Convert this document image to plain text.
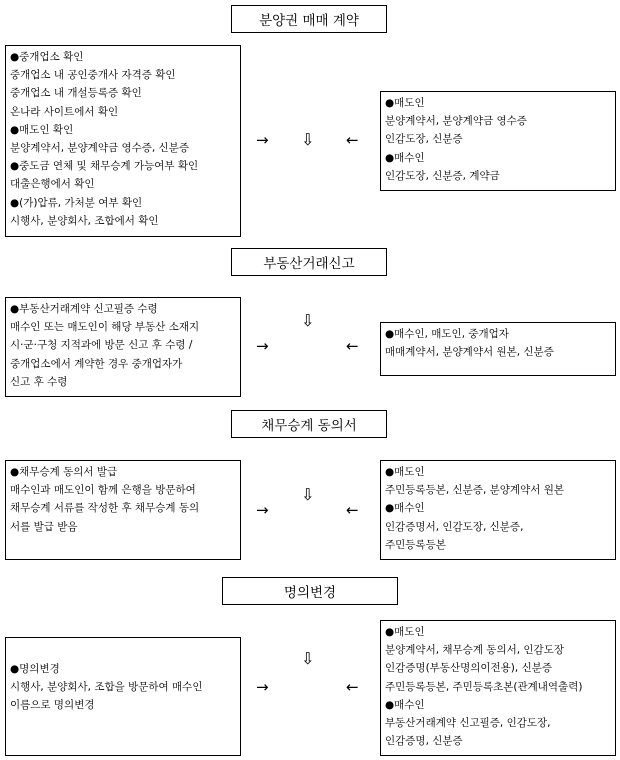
분양권 매매 계약
●중개업소 확인
중개업소 내 공인중개사 자격증 확인
중개업소 내 개설등록증 확인
온나라 사이트에서 확인
●매도인 확인
분양계약서, 분양계약금 영수증, 신분증
●중도금 연체 및 채무승계 가능여부 확인
대출은행에서 확인
●(가)압류, 가처분 여부 확인
시행사, 분양회사, 조합에서 확인
●매도인
분양계약서, 분양계약금 영수증
인감도장, 신분증
●매수인
인감도장, 신분증, 계약금
→ ⇩ ←
부동산거래신고
●부동산거래계약 신고필증 수령
매수인 또는 매도인이 해당 부동산 소재지
시·군·구청 지적과에 방문 신고 후 수령 /
중개업소에서 계약한 경우 중개업자가
신고 후 수령
●매수인, 매도인, 중개업자
매매계약서, 분양계약서 원본, 신분증
⇩
→	←
채무승계 동의서
●채무승계 동의서 발급
매수인과 매도인이 함께 은행을 방문하여
채무승계 서류를 작성한 후 채무승계 동의
서를 발급 받음
●매도인
주민등록등본, 신분증, 분양계약서 원본
●매수인
인감증명서, 인감도장, 신분증,
주민등록등본
⇩
→	←
명의변경
●명의변경
시행사, 분양회사, 조합을 방문하여 매수인
이름으로 명의변경
●매도인
분양계약서, 채무승계 동의서, 인감도장
인감증명(부동산명의이전용), 신분증
주민등록등본, 주민등록초본(관계내역출력)
●매수인
부동산거래계약 신고필증, 인감도장,
인감증명, 신분증
⇩
→	←
